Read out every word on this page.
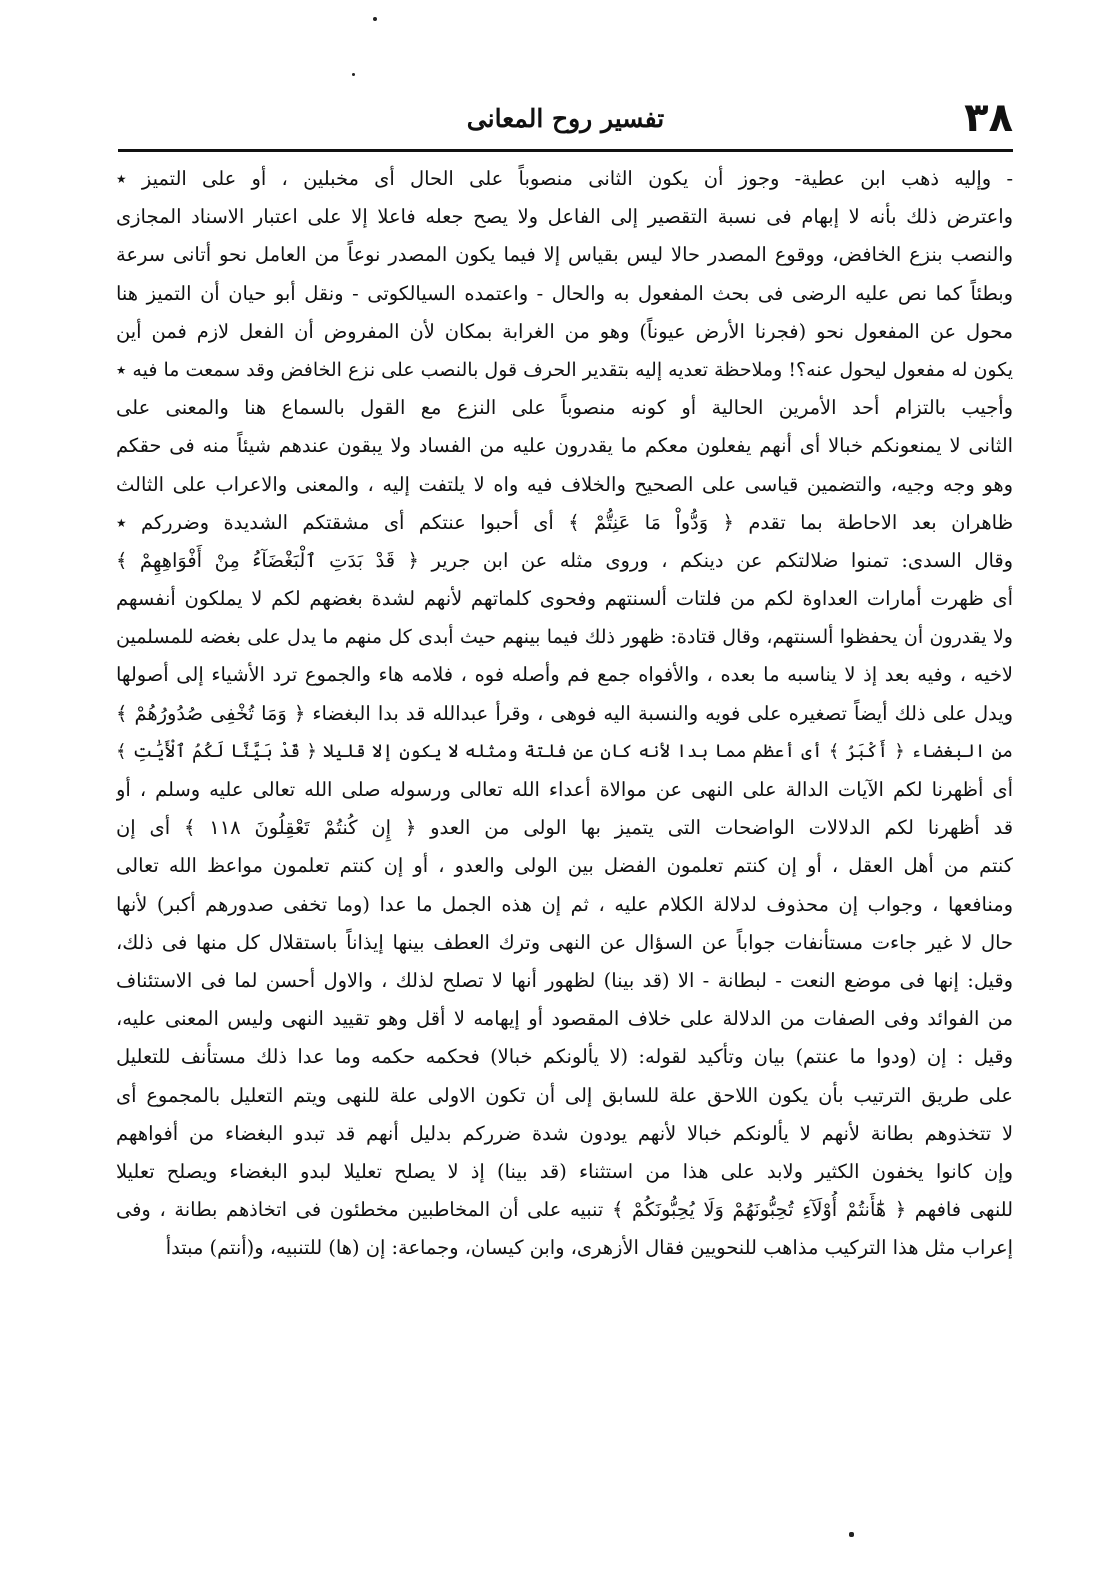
٣٨
تفسير روح المعانى
- وإليه ذهب ابن عطية- وجوز أن يكون الثانى منصوباً على الحال أى مخبلين ، أو على التميز ‪٭
واعترض ذلك بأنه لا إبهام فى نسبة التقصير إلى الفاعل ولا يصح جعله فاعلا إلا على اعتبار الاسناد المجازى
والنصب بنزع الخافض، ووقوع المصدر حالا ليس بقياس إلا فيما يكون المصدر نوعاً من العامل نحو أتانى سرعة
وبطئاً كما نص عليه الرضى فى بحث المفعول به والحال - واعتمده السيالكوتى - ونقل أبو حيان أن التميز هنا
محول عن المفعول نحو (فجرنا الأرض عيوناً) وهو من الغرابة بمكان لأن المفروض أن الفعل لازم فمن أين
يكون له مفعول ليحول عنه؟! وملاحظة تعديه إليه بتقدير الحرف قول بالنصب على نزع الخافض وقد سمعت ما فيه ‪٭
وأجيب بالتزام أحد الأمرين الحالية أو كونه منصوباً على النزع مع القول بالسماع هنا والمعنى على
الثانى لا يمنعونكم خبالا أى أنهم يفعلون معكم ما يقدرون عليه من الفساد ولا يبقون عندهم شيئاً منه فى حقكم
وهو وجه وجيه، والتضمين قياسى على الصحيح والخلاف فيه واه لا يلتفت إليه ، والمعنى والاعراب على الثالث
ظاهران بعد الاحاطة بما تقدم ﴿ وَدُّواْ مَا عَنِتُّمْ ﴾ أى أحبوا عنتكم أى مشقتكم الشديدة وضرركم ‪٭
وقال السدى: تمنوا ضلالتكم عن دينكم ، وروى مثله عن ابن جرير ﴿ قَدْ بَدَتِ ٱلْبَغْضَآءُ مِنْ أَفْوَاهِهِمْ ﴾
أى ظهرت أمارات العداوة لكم من فلتات ألسنتهم وفحوى كلماتهم لأنهم لشدة بغضهم لكم لا يملكون أنفسهم
ولا يقدرون أن يحفظوا ألسنتهم، وقال قتادة: ظهور ذلك فيما بينهم حيث أبدى كل منهم ما يدل على بغضه للمسلمين
لاخيه ، وفيه بعد إذ لا يناسبه ما بعده ، والأفواه جمع فم وأصله فوه ، فلامه هاء والجموع ترد الأشياء إلى أصولها
ويدل على ذلك أيضاً تصغيره على فويه والنسبة اليه فوهى ، وقرأ عبدالله قد بدا البغضاء ﴿ وَمَا تُخْفِى صُدُورُهُمْ ﴾
من البغضاء ﴿ أَكْبَرُ ﴾ أى أعظم مما بدا لأنه كان عن فلتة ومثله لا يكون إلا قليلا ﴿ قَدْ بَيَّنَّا لَكُمُ ٱلْأَيَٰتِ ﴾
أى أظهرنا لكم الآيات الدالة على النهى عن موالاة أعداء الله تعالى ورسوله صلى الله تعالى عليه وسلم ، أو
قد أظهرنا لكم الدلالات الواضحات التى يتميز بها الولى من العدو ﴿ إِن كُنتُمْ تَعْقِلُونَ ١١٨ ﴾ أى إن
كنتم من أهل العقل ، أو إن كنتم تعلمون الفضل بين الولى والعدو ، أو إن كنتم تعلمون مواعظ الله تعالى
ومنافعها ، وجواب إن محذوف لدلالة الكلام عليه ، ثم إن هذه الجمل ما عدا (وما تخفى صدورهم أكبر) لأنها
حال لا غير جاءت مستأنفات جواباً عن السؤال عن النهى وترك العطف بينها إيذاناً باستقلال كل منها فى ذلك،
وقيل: إنها فى موضع النعت - لبطانة - الا (قد بينا) لظهور أنها لا تصلح لذلك ، والاول أحسن لما فى الاستئناف
من الفوائد وفى الصفات من الدلالة على خلاف المقصود أو إيهامه لا أقل وهو تقييد النهى وليس المعنى عليه،
وقيل : إن (ودوا ما عنتم) بيان وتأكيد لقوله: (لا يألونكم خبالا) فحكمه حكمه وما عدا ذلك مستأنف للتعليل
على طريق الترتيب بأن يكون اللاحق علة للسابق إلى أن تكون الاولى علة للنهى ويتم التعليل بالمجموع أى
لا تتخذوهم بطانة لأنهم لا يألونكم خبالا لأنهم يودون شدة ضرركم بدليل أنهم قد تبدو البغضاء من أفواههم
وإن كانوا يخفون الكثير ولابد على هذا من استثناء (قد بينا) إذ لا يصلح تعليلا لبدو البغضاء ويصلح تعليلا
للنهى فافهم ﴿ هَٰٓأَنتُمْ أُوْلَآءِ تُحِبُّونَهُمْ وَلَا يُحِبُّونَكُمْ ﴾ تنبيه على أن المخاطبين مخطئون فى اتخاذهم بطانة ، وفى
إعراب مثل هذا التركيب مذاهب للنحويين فقال الأزهرى، وابن كيسان، وجماعة: إن (ها) للتنبيه، و(أنتم) مبتدأ
